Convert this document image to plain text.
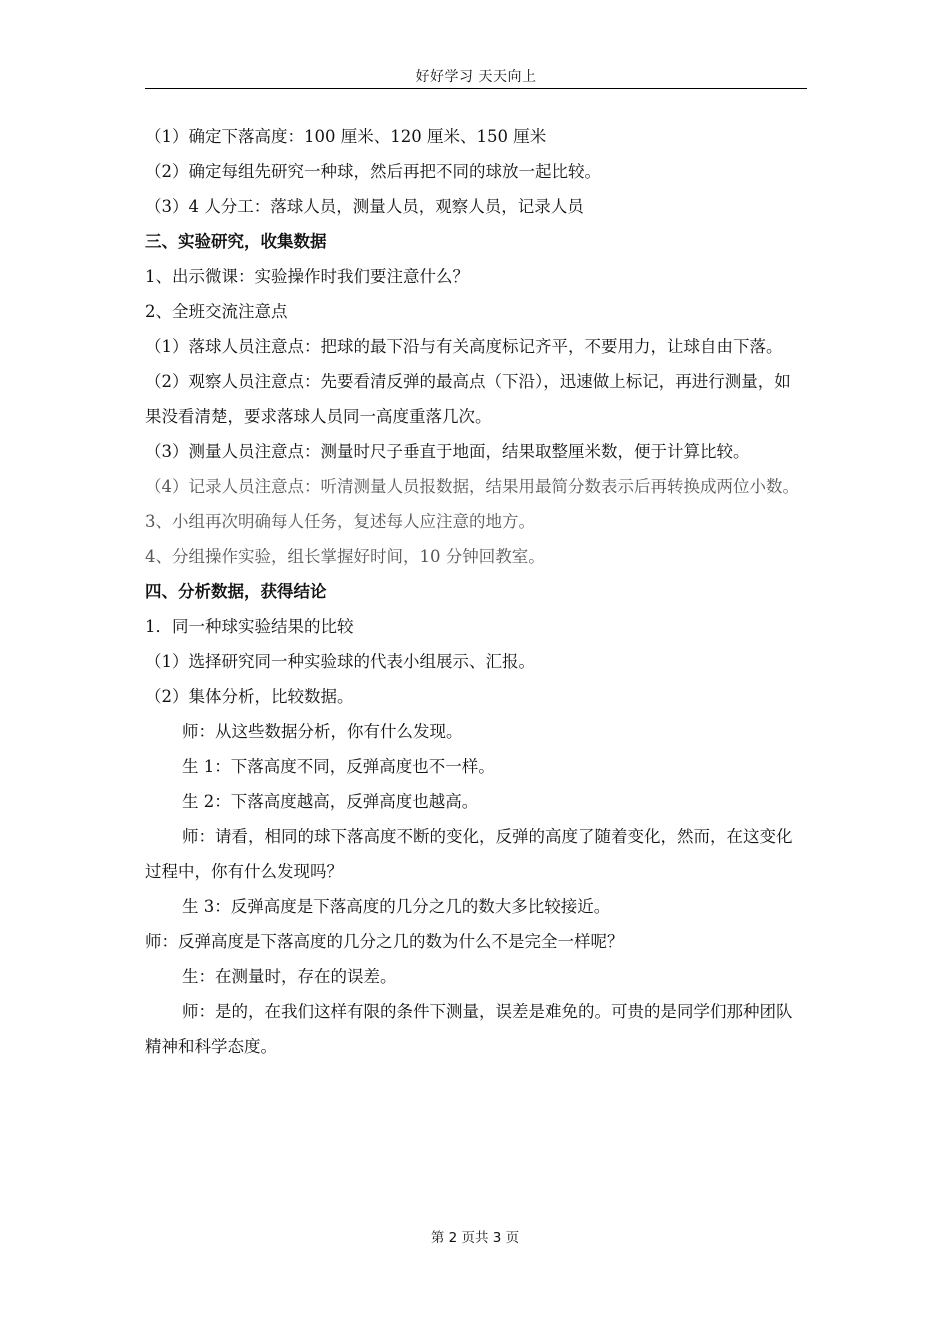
好好学习 天天向上
（1）确定下落高度：100 厘米、120 厘米、150 厘米
（2）确定每组先研究一种球，然后再把不同的球放一起比较。
（3）4 人分工：落球人员，测量人员，观察人员，记录人员
三、实验研究，收集数据
1、出示微课：实验操作时我们要注意什么？
2、全班交流注意点
（1）落球人员注意点：把球的最下沿与有关高度标记齐平，不要用力，让球自由下落。
（2）观察人员注意点：先要看清反弹的最高点（下沿），迅速做上标记，再进行测量，如果没看清楚，要求落球人员同一高度重落几次。
（3）测量人员注意点：测量时尺子垂直于地面，结果取整厘米数，便于计算比较。
（4）记录人员注意点：听清测量人员报数据，结果用最简分数表示后再转换成两位小数。
3、小组再次明确每人任务，复述每人应注意的地方。
4、分组操作实验，组长掌握好时间，10 分钟回教室。
四、分析数据，获得结论
1．同一种球实验结果的比较
（1）选择研究同一种实验球的代表小组展示、汇报。
（2）集体分析，比较数据。
师：从这些数据分析，你有什么发现。
生 1：下落高度不同，反弹高度也不一样。
生 2：下落高度越高，反弹高度也越高。
师：请看，相同的球下落高度不断的变化，反弹的高度了随着变化，然而，在这变化过程中，你有什么发现吗？
生 3：反弹高度是下落高度的几分之几的数大多比较接近。
师：反弹高度是下落高度的几分之几的数为什么不是完全一样呢？
生：在测量时，存在的误差。
师：是的，在我们这样有限的条件下测量，误差是难免的。可贵的是同学们那种团队精神和科学态度。
第 2 页共 3 页
